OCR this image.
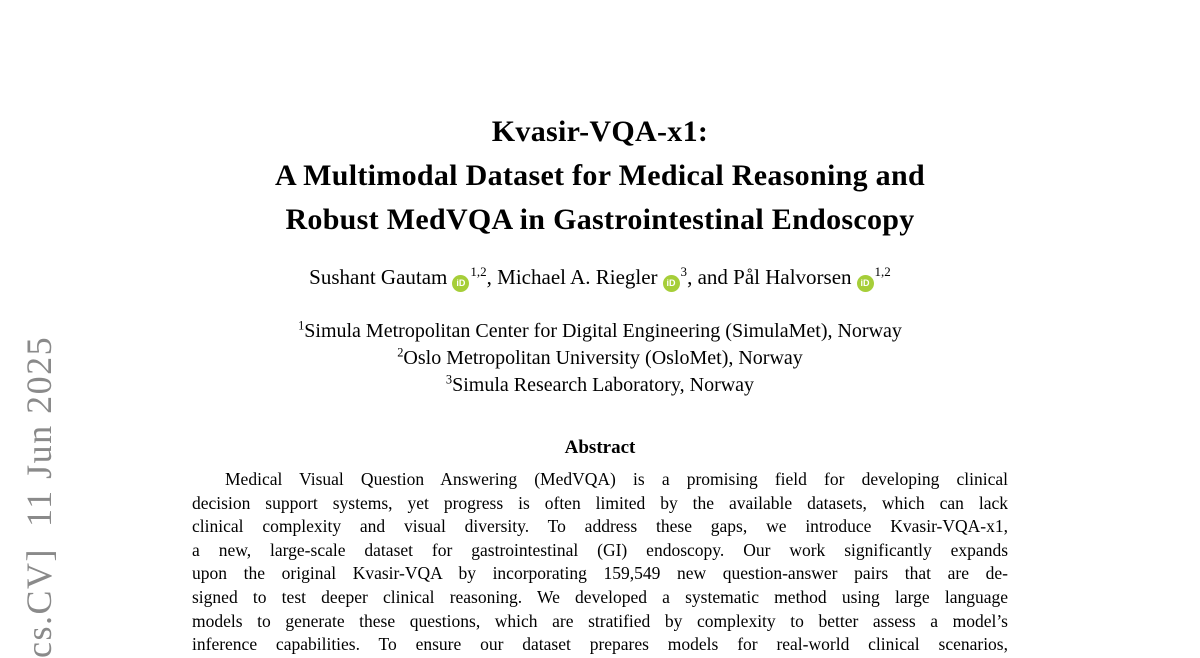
cs.CV]  11 Jun 2025
Kvasir-VQA-x1:
A Multimodal Dataset for Medical Reasoning and
Robust MedVQA in Gastrointestinal Endoscopy
Sushant Gautam iD$^{1,2}$, Michael A. Riegler iD$^3$, and Pål Halvorsen iD$^{1,2}$
$^1$Simula Metropolitan Center for Digital Engineering (SimulaMet), Norway
$^2$Oslo Metropolitan University (OsloMet), Norway
$^3$Simula Research Laboratory, Norway
Abstract
Medical Visual Question Answering (MedVQA) is a promising field for developing clinical
decision support systems, yet progress is often limited by the available datasets, which can lack
clinical complexity and visual diversity. To address these gaps, we introduce Kvasir-VQA-x1,
a new, large-scale dataset for gastrointestinal (GI) endoscopy. Our work significantly expands
upon the original Kvasir-VQA by incorporating 159,549 new question-answer pairs that are de-
signed to test deeper clinical reasoning. We developed a systematic method using large language
models to generate these questions, which are stratified by complexity to better assess a model’s
inference capabilities. To ensure our dataset prepares models for real-world clinical scenarios,
